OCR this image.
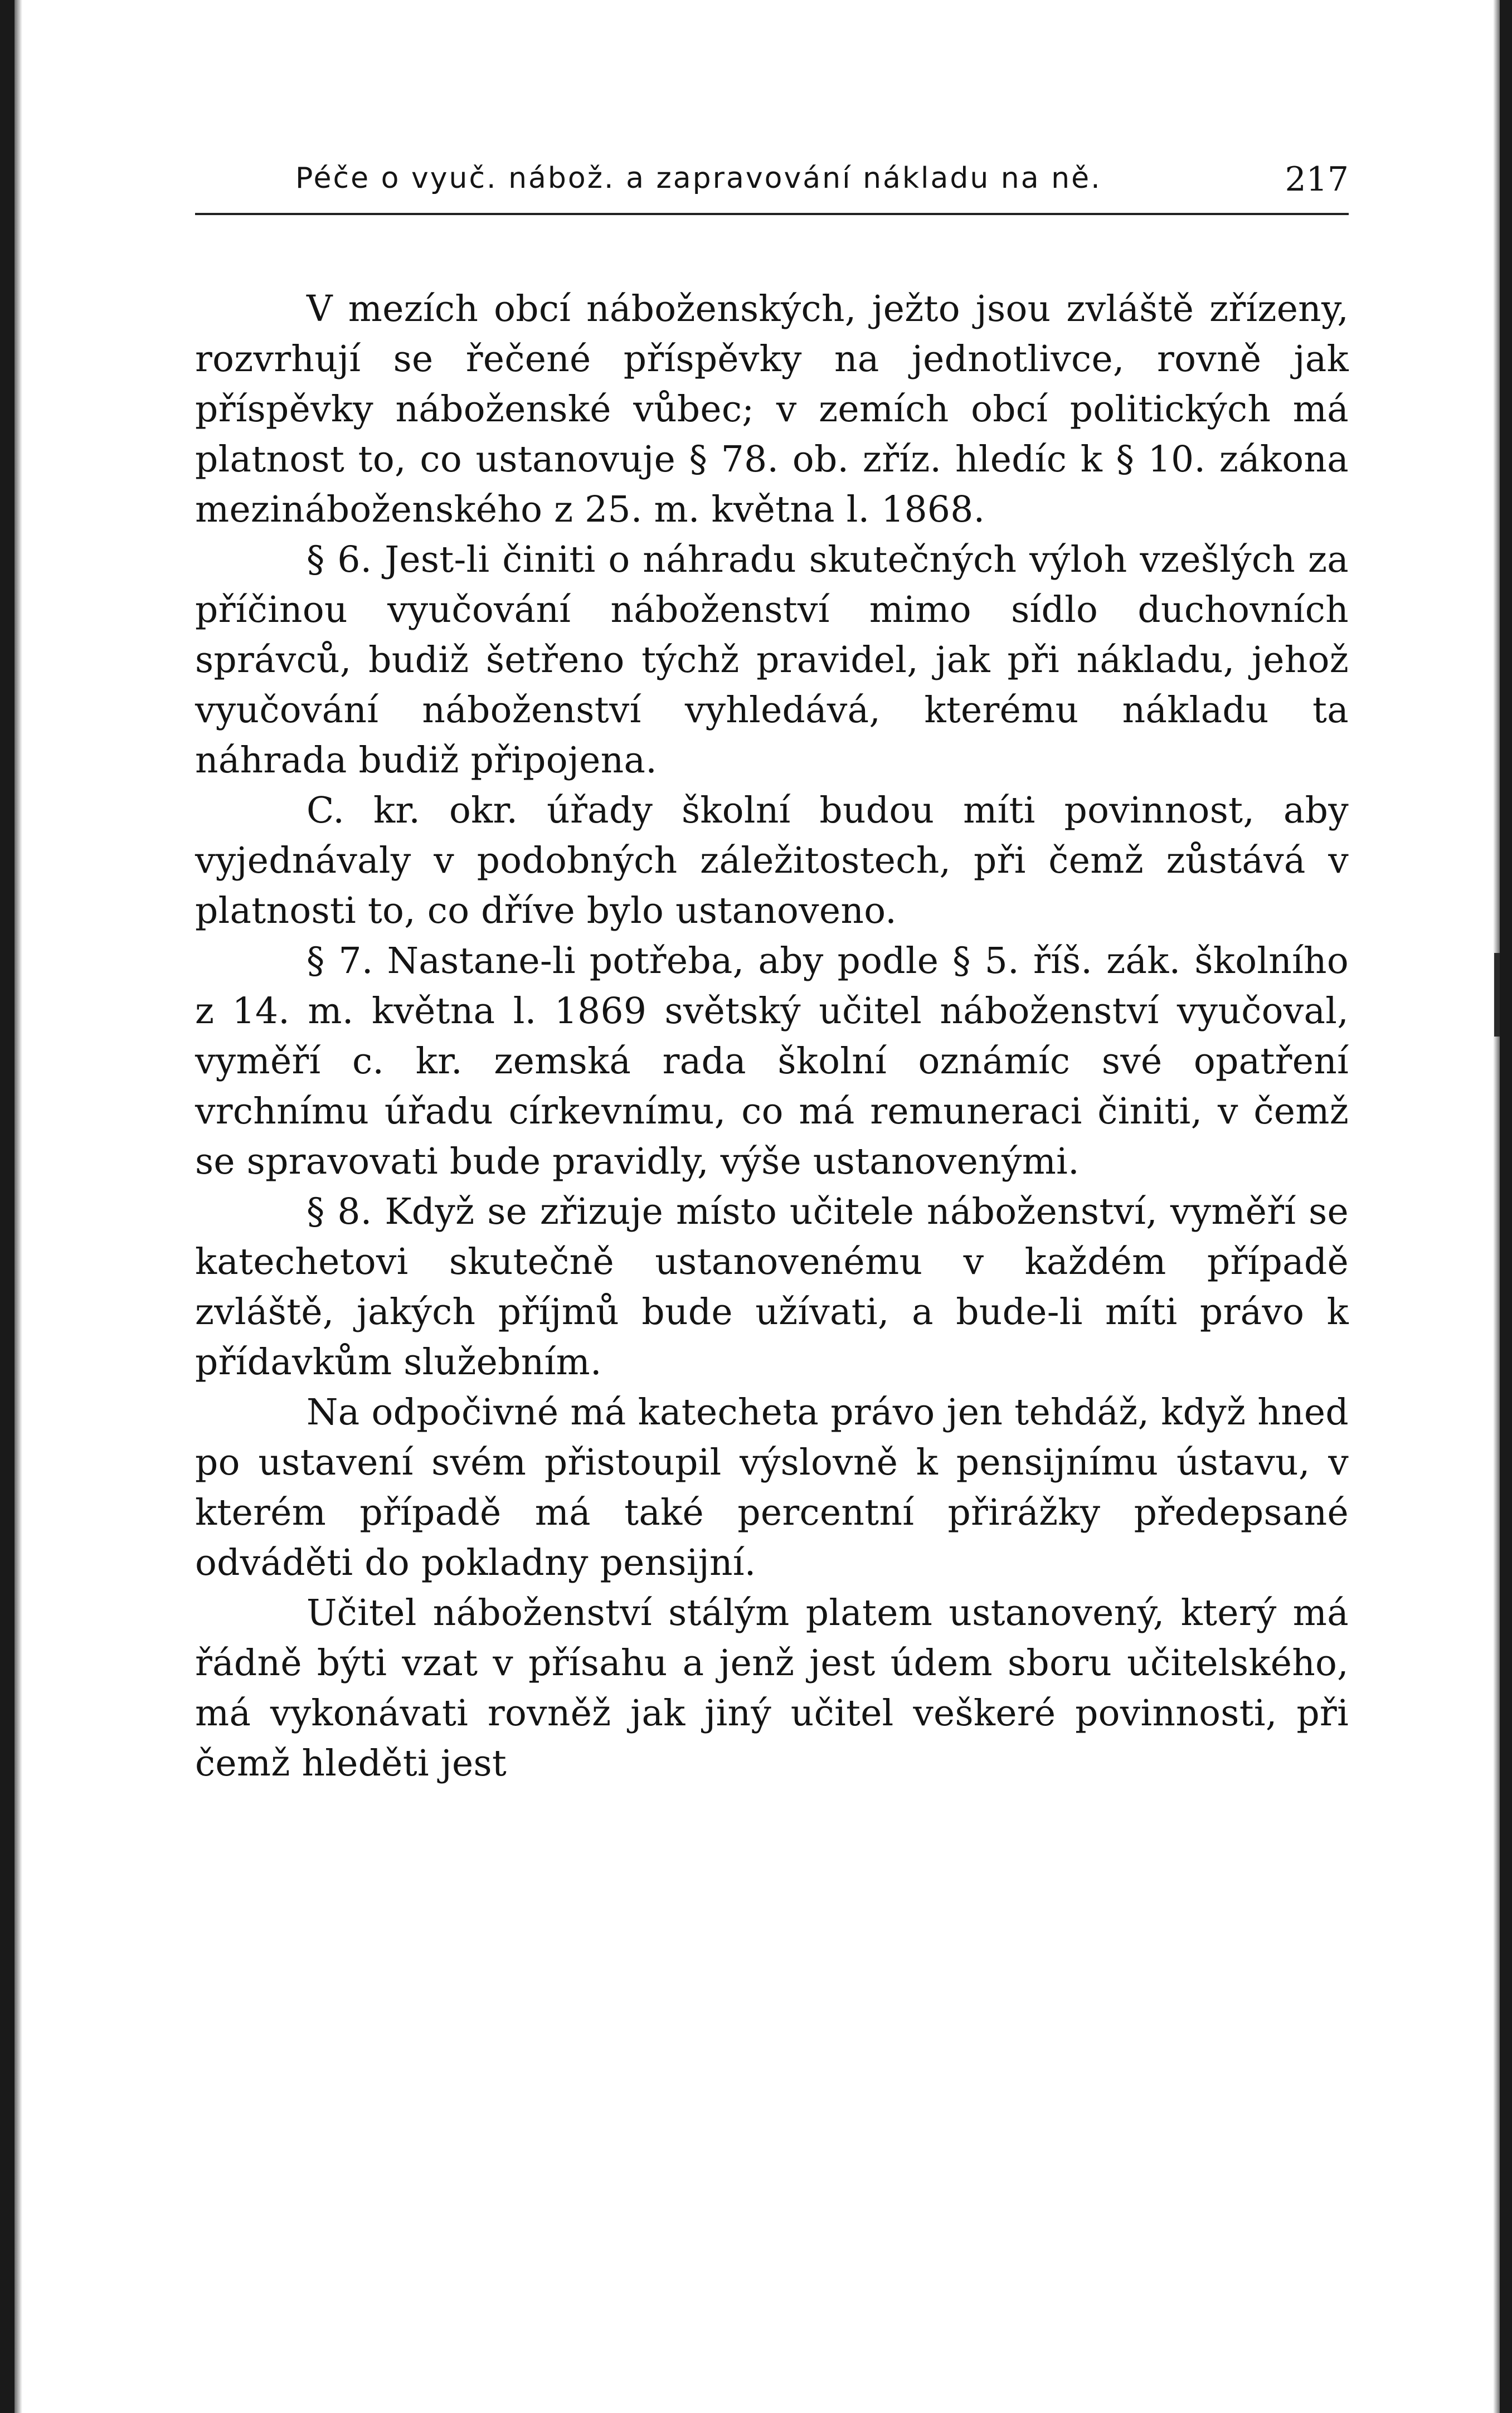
Péče o vyuč. nábož. a zapravování nákladu na ně.	217

V mezích obcí náboženských, ježto jsou zvláště zřízeny, rozvrhují se řečené příspěvky na jednotlivce, rovně jak příspěvky náboženské vůbec; v zemích obcí politických má platnost to, co ustanovuje § 78. ob. zříz. hledíc k § 10. zákona mezináboženského z 25. m. května l. 1868.

§ 6. Jest-li činiti o náhradu skutečných výloh vzešlých za příčinou vyučování náboženství mimo sídlo duchovních správců, budiž šetřeno týchž pravidel, jak při nákladu, jehož vyučování náboženství vyhledává, kterému nákladu ta náhrada budiž připojena.

C. kr. okr. úřady školní budou míti povinnost, aby vyjednávaly v podobných záležitostech, při čemž zůstává v platnosti to, co dříve bylo ustanoveno.

§ 7. Nastane-li potřeba, aby podle § 5. říš. zák. školního z 14. m. května l. 1869 světský učitel náboženství vyučoval, vyměří c. kr. zemská rada školní oznámíc své opatření vrchnímu úřadu církevnímu, co má remuneraci činiti, v čemž se spravovati bude pravidly, výše ustanovenými.

§ 8. Když se zřizuje místo učitele náboženství, vyměří se katechetovi skutečně ustanovenému v každém případě zvláště, jakých příjmů bude užívati, a bude-li míti právo k přídavkům služebním.

Na odpočivné má katecheta právo jen tehdáž, když hned po ustavení svém přistoupil výslovně k pensijnímu ústavu, v kterém případě má také percentní přirážky předepsané odváděti do pokladny pensijní.

Učitel náboženství stálým platem ustanovený, který má řádně býti vzat v přísahu a jenž jest údem sboru učitelského, má vykonávati rovněž jak jiný učitel veškeré povinnosti, při čemž hleděti jest
